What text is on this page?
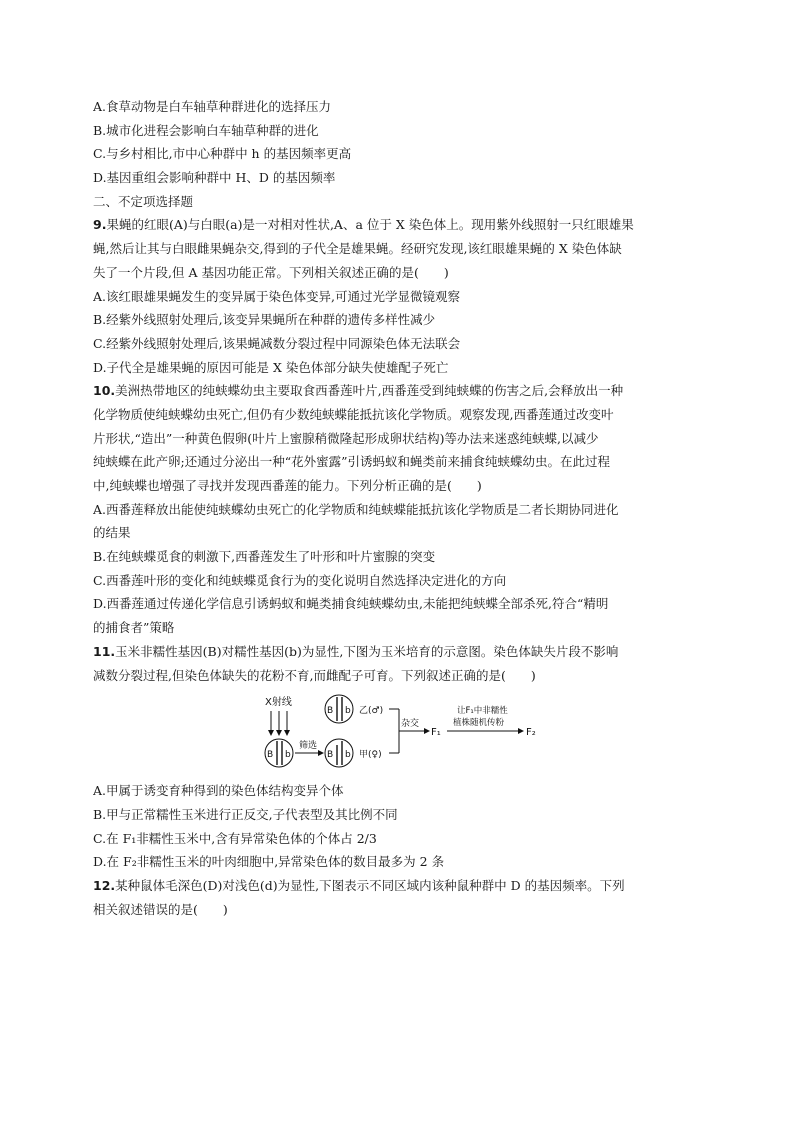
A.食草动物是白车轴草种群进化的选择压力
B.城市化进程会影响白车轴草种群的进化
C.与乡村相比,市中心种群中 h 的基因频率更高
D.基因重组会影响种群中 H、D 的基因频率
二、不定项选择题
9.果蝇的红眼(A)与白眼(a)是一对相对性状,A、a 位于 X 染色体上。现用紫外线照射一只红眼雄果
蝇,然后让其与白眼雌果蝇杂交,得到的子代全是雄果蝇。经研究发现,该红眼雄果蝇的 X 染色体缺
失了一个片段,但 A 基因功能正常。下列相关叙述正确的是(　　)
A.该红眼雄果蝇发生的变异属于染色体变异,可通过光学显微镜观察
B.经紫外线照射处理后,该变异果蝇所在种群的遗传多样性减少
C.经紫外线照射处理后,该果蝇减数分裂过程中同源染色体无法联会
D.子代全是雄果蝇的原因可能是 X 染色体部分缺失使雄配子死亡
10.美洲热带地区的纯蛱蝶幼虫主要取食西番莲叶片,西番莲受到纯蛱蝶的伤害之后,会释放出一种
化学物质使纯蛱蝶幼虫死亡,但仍有少数纯蛱蝶能抵抗该化学物质。观察发现,西番莲通过改变叶
片形状,“造出”一种黄色假卵(叶片上蜜腺稍微隆起形成卵状结构)等办法来迷惑纯蛱蝶,以减少
纯蛱蝶在此产卵;还通过分泌出一种“花外蜜露”引诱蚂蚁和蝇类前来捕食纯蛱蝶幼虫。在此过程
中,纯蛱蝶也增强了寻找并发现西番莲的能力。下列分析正确的是(　　)
A.西番莲释放出能使纯蛱蝶幼虫死亡的化学物质和纯蛱蝶能抵抗该化学物质是二者长期协同进化
的结果
B.在纯蛱蝶觅食的刺激下,西番莲发生了叶形和叶片蜜腺的突变
C.西番莲叶形的变化和纯蛱蝶觅食行为的变化说明自然选择决定进化的方向
D.西番莲通过传递化学信息引诱蚂蚁和蝇类捕食纯蛱蝶幼虫,未能把纯蛱蝶全部杀死,符合“精明
的捕食者”策略
11.玉米非糯性基因(B)对糯性基因(b)为显性,下图为玉米培育的示意图。染色体缺失片段不影响
减数分裂过程,但染色体缺失的花粉不育,而雌配子可育。下列叙述正确的是(　　)
X射线
B b
筛选
B b 甲(♀)
B b 乙(♂)
杂交
F₁
让F₁中非糯性
植株随机传粉
F₂
A.甲属于诱变育种得到的染色体结构变异个体
B.甲与正常糯性玉米进行正反交,子代表型及其比例不同
C.在 F₁非糯性玉米中,含有异常染色体的个体占 2/3
D.在 F₂非糯性玉米的叶肉细胞中,异常染色体的数目最多为 2 条
12.某种鼠体毛深色(D)对浅色(d)为显性,下图表示不同区域内该种鼠种群中 D 的基因频率。下列
相关叙述错误的是(　　)
